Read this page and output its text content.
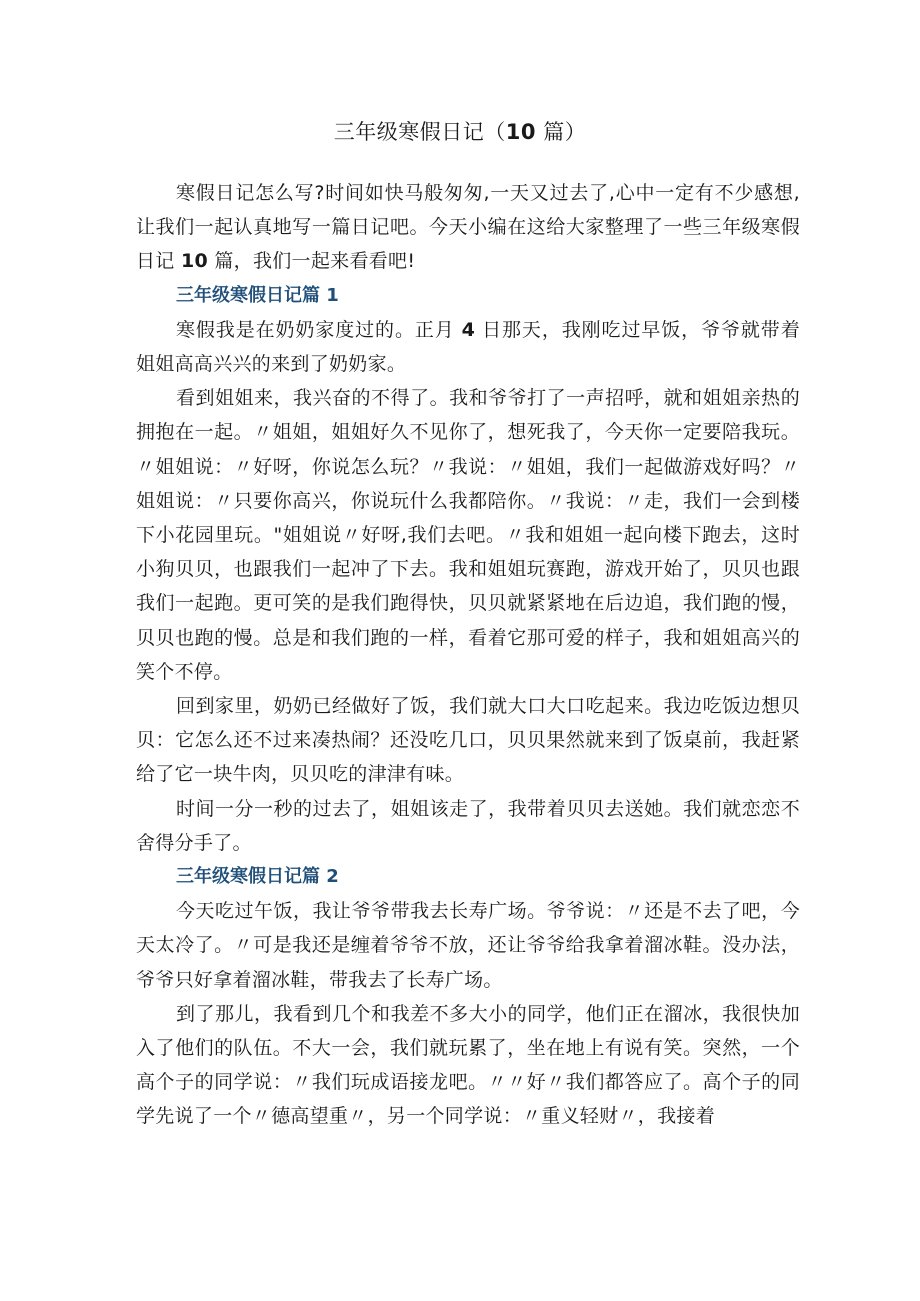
三年级寒假日记（10 篇）

寒假日记怎么写?时间如快马般匆匆,一天又过去了,心中一定有不少感想,让我们一起认真地写一篇日记吧。今天小编在这给大家整理了一些三年级寒假日记 10 篇，我们一起来看看吧!

三年级寒假日记篇 1

寒假我是在奶奶家度过的。正月 4 日那天，我刚吃过早饭，爷爷就带着姐姐高高兴兴的来到了奶奶家。

看到姐姐来，我兴奋的不得了。我和爷爷打了一声招呼，就和姐姐亲热的拥抱在一起。〃姐姐，姐姐好久不见你了，想死我了，今天你一定要陪我玩。〃姐姐说：〃好呀，你说怎么玩？〃我说：〃姐姐，我们一起做游戏好吗？〃姐姐说：〃只要你高兴，你说玩什么我都陪你。〃我说：〃走，我们一会到楼下小花园里玩。"姐姐说〃好呀,我们去吧。〃我和姐姐一起向楼下跑去，这时小狗贝贝，也跟我们一起冲了下去。我和姐姐玩赛跑，游戏开始了，贝贝也跟我们一起跑。更可笑的是我们跑得快，贝贝就紧紧地在后边追，我们跑的慢，贝贝也跑的慢。总是和我们跑的一样，看着它那可爱的样子，我和姐姐高兴的笑个不停。

回到家里，奶奶已经做好了饭，我们就大口大口吃起来。我边吃饭边想贝贝：它怎么还不过来凑热闹？还没吃几口，贝贝果然就来到了饭桌前，我赶紧给了它一块牛肉，贝贝吃的津津有味。

时间一分一秒的过去了，姐姐该走了，我带着贝贝去送她。我们就恋恋不舍得分手了。

三年级寒假日记篇 2

今天吃过午饭，我让爷爷带我去长寿广场。爷爷说：〃还是不去了吧，今天太冷了。〃可是我还是缠着爷爷不放，还让爷爷给我拿着溜冰鞋。没办法，爷爷只好拿着溜冰鞋，带我去了长寿广场。

到了那儿，我看到几个和我差不多大小的同学，他们正在溜冰，我很快加入了他们的队伍。不大一会，我们就玩累了，坐在地上有说有笑。突然，一个高个子的同学说：〃我们玩成语接龙吧。〃〃好〃我们都答应了。高个子的同学先说了一个〃德高望重〃，另一个同学说：〃重义轻财〃，我接着
